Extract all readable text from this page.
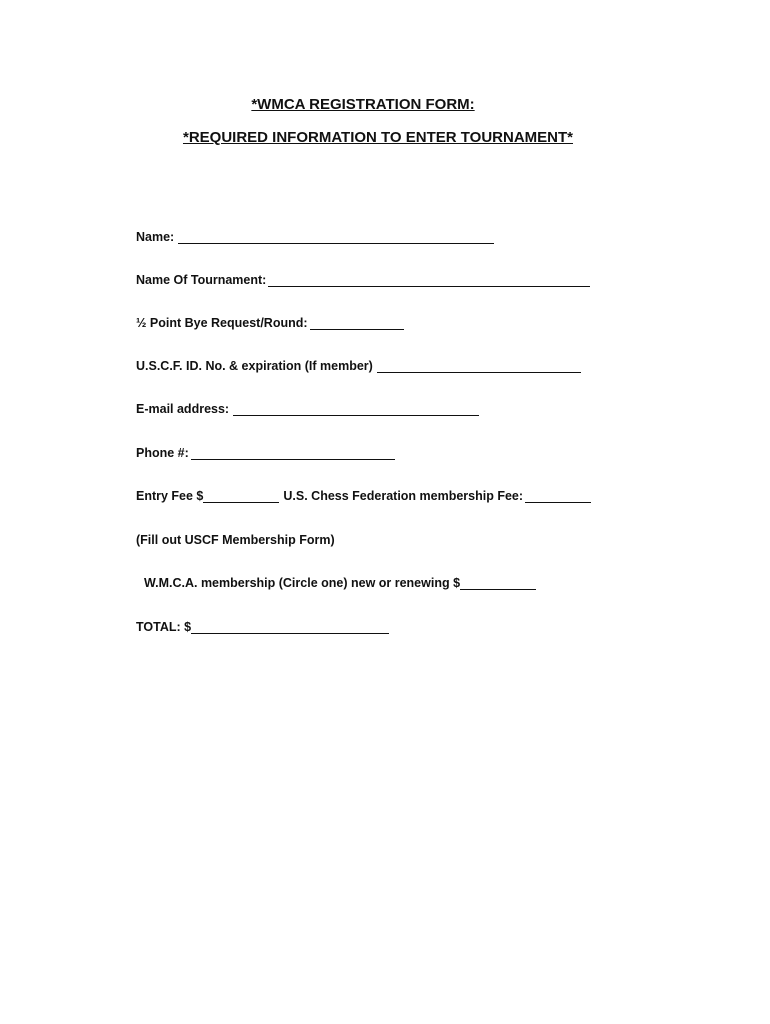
*WMCA REGISTRATION FORM:
*REQUIRED INFORMATION TO ENTER TOURNAMENT*
Name:
Name Of Tournament:
½ Point Bye Request/Round:
U.S.C.F. ID. No. & expiration (If member)
E-mail address:
Phone #:
Entry Fee $	U.S. Chess Federation membership Fee:
(Fill out USCF Membership Form)
W.M.C.A. membership (Circle one) new or renewing $
TOTAL: $
